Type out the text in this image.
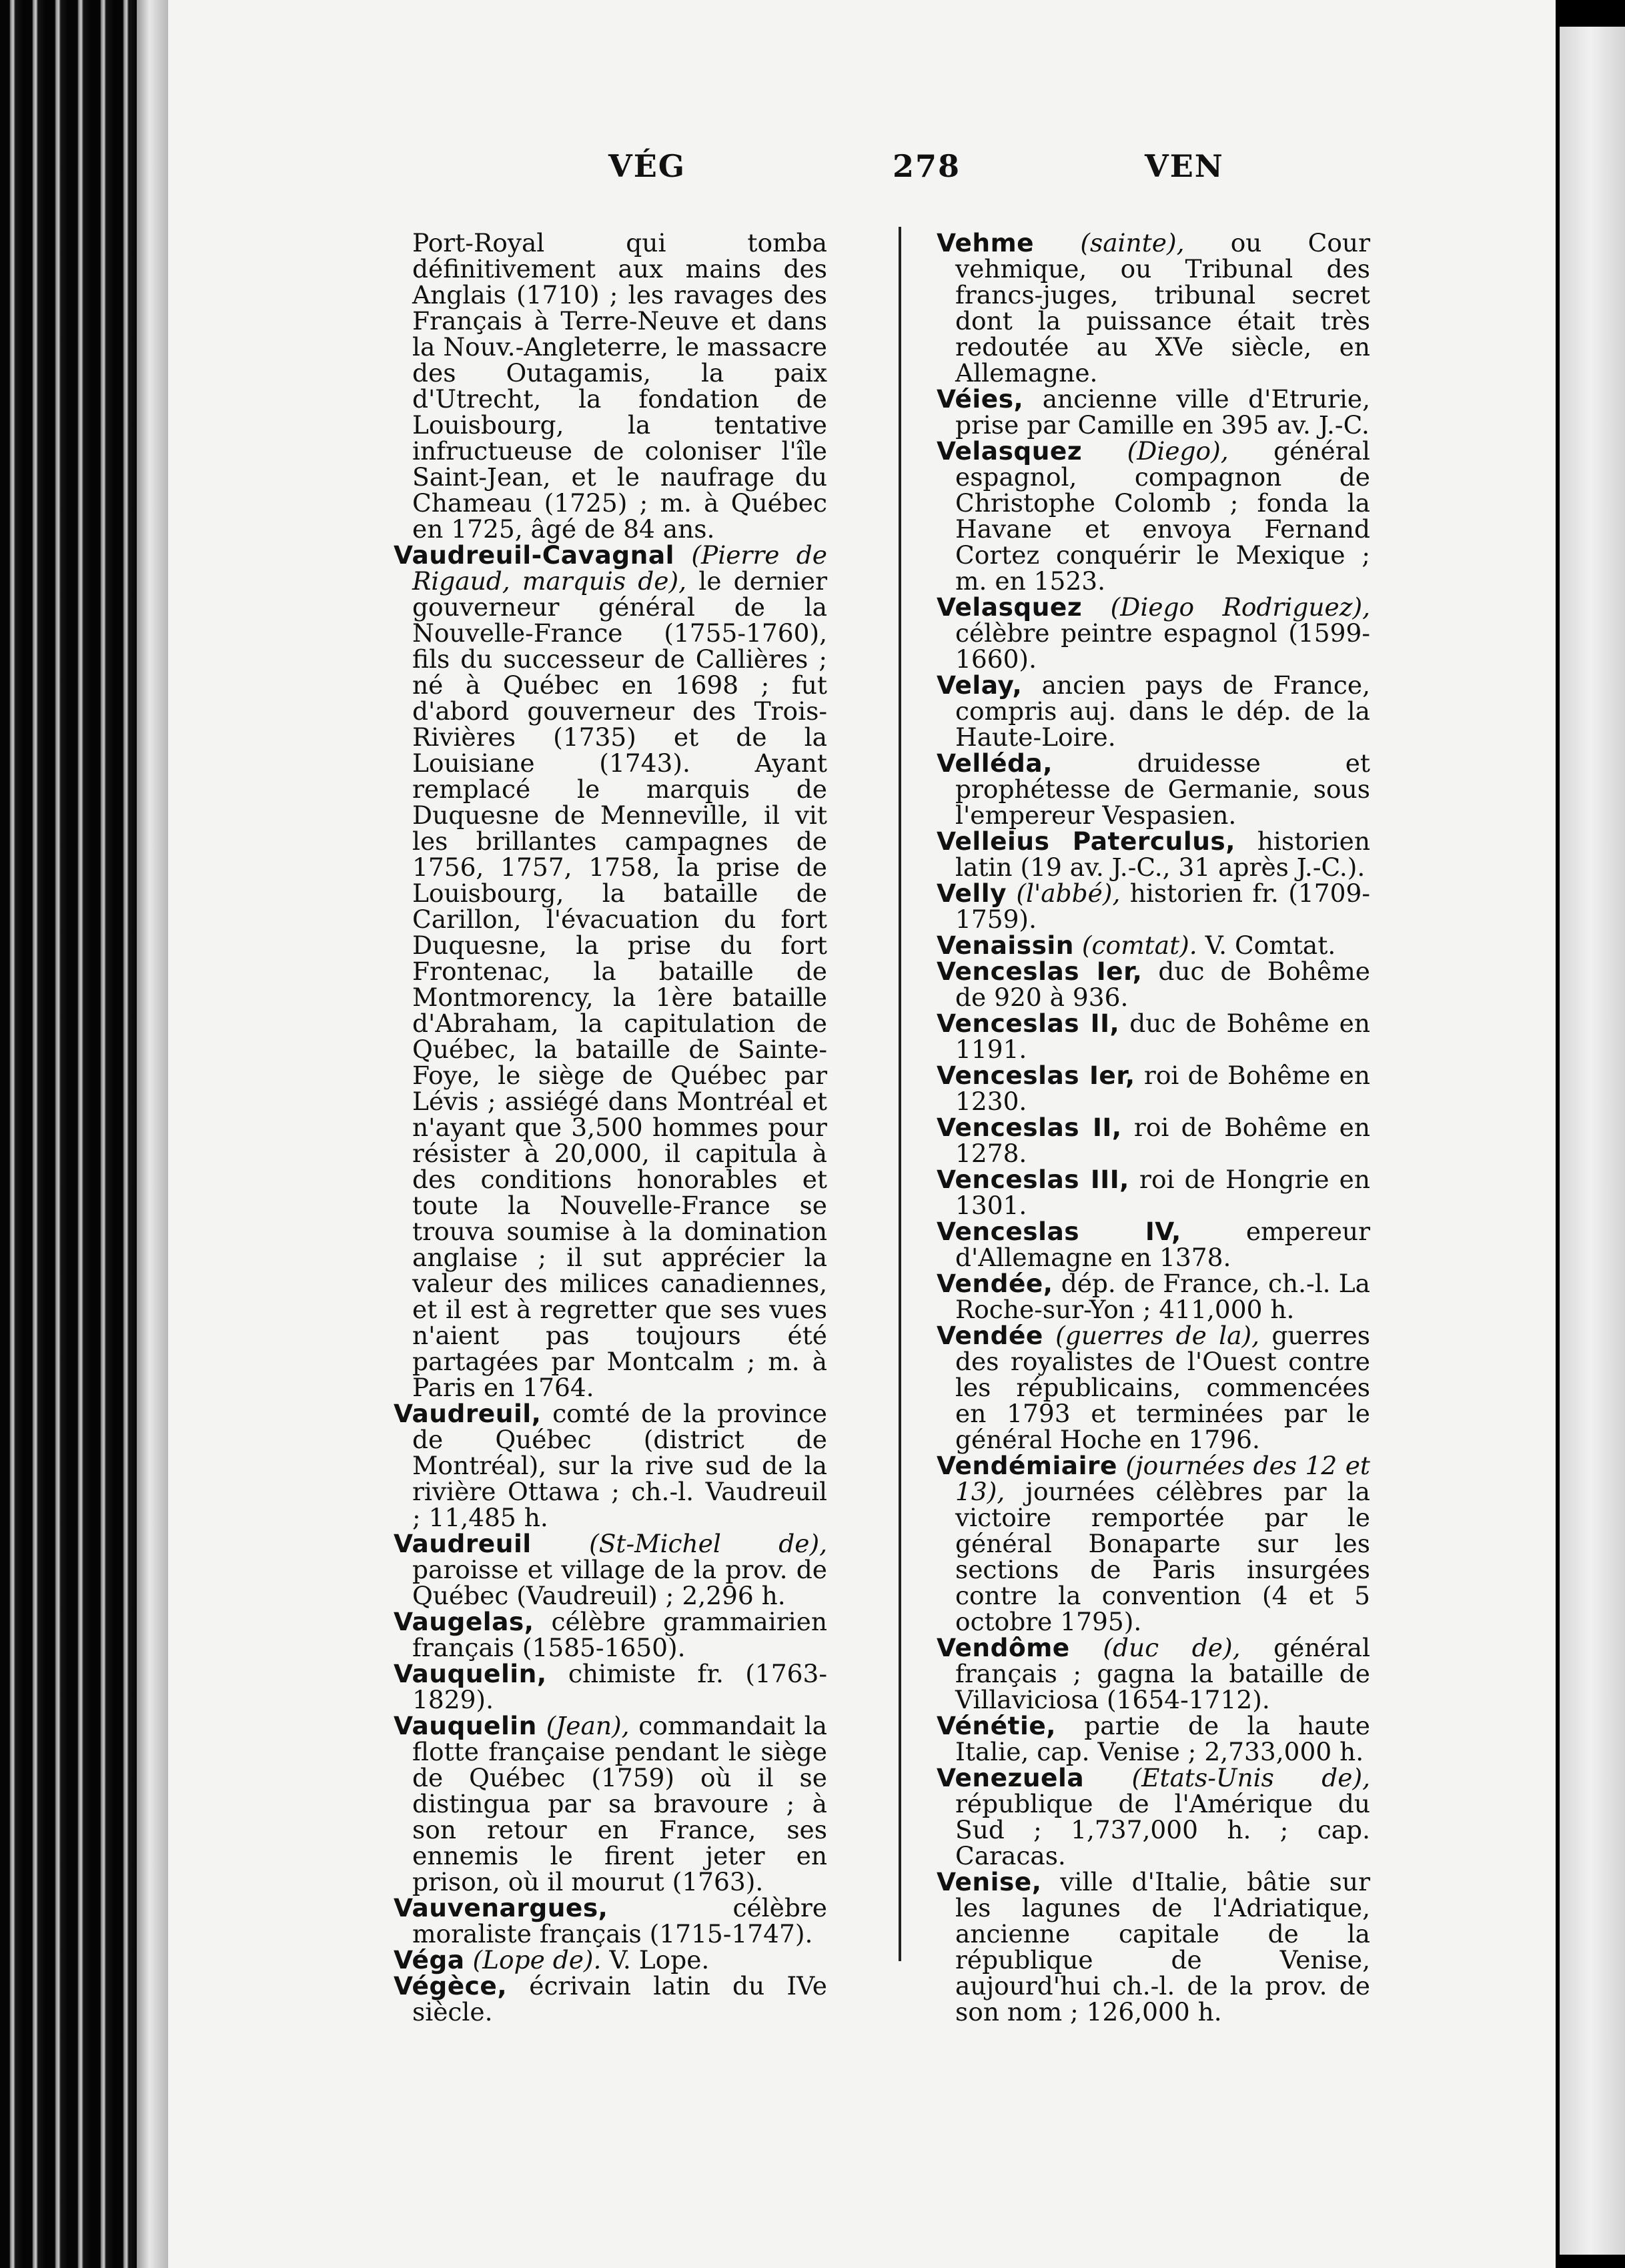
VÉG	278	VEN
Port-Royal qui tomba définitivement aux mains des Anglais (1710) ; les ravages des Français à Terre-Neuve et dans la Nouv.-Angleterre, le massacre des Outagamis, la paix d'Utrecht, la fondation de Louisbourg, la tentative infructueuse de coloniser l'île Saint-Jean, et le naufrage du Chameau (1725) ; m. à Québec en 1725, âgé de 84 ans.
Vaudreuil-Cavagnal (Pierre de Rigaud, marquis de), le dernier gouverneur général de la Nouvelle-France (1755-1760), fils du successeur de Callières ; né à Québec en 1698 ; fut d'abord gouverneur des Trois-Rivières (1735) et de la Louisiane (1743). Ayant remplacé le marquis de Duquesne de Menneville, il vit les brillantes campagnes de 1756, 1757, 1758, la prise de Louisbourg, la bataille de Carillon, l'évacuation du fort Duquesne, la prise du fort Frontenac, la bataille de Montmorency, la 1ère bataille d'Abraham, la capitulation de Québec, la bataille de Sainte-Foye, le siège de Québec par Lévis ; assiégé dans Montréal et n'ayant que 3,500 hommes pour résister à 20,000, il capitula à des conditions honorables et toute la Nouvelle-France se trouva soumise à la domination anglaise ; il sut apprécier la valeur des milices canadiennes, et il est à regretter que ses vues n'aient pas toujours été partagées par Montcalm ; m. à Paris en 1764.
Vaudreuil, comté de la province de Québec (district de Montréal), sur la rive sud de la rivière Ottawa ; ch.-l. Vaudreuil ; 11,485 h.
Vaudreuil (St-Michel de), paroisse et village de la prov. de Québec (Vaudreuil) ; 2,296 h.
Vaugelas, célèbre grammairien français (1585-1650).
Vauquelin, chimiste fr. (1763-1829).
Vauquelin (Jean), commandait la flotte française pendant le siège de Québec (1759) où il se distingua par sa bravoure ; à son retour en France, ses ennemis le firent jeter en prison, où il mourut (1763).
Vauvenargues,	célèbre moraliste français (1715-1747).
Véga (Lope de). V. Lope.
Végèce, écrivain latin du IVe siècle.
Vehme (sainte), ou Cour vehmique, ou Tribunal des francs-juges, tribunal secret dont la puissance était très redoutée au XVe siècle, en Allemagne.
Véies, ancienne ville d'Etrurie, prise par Camille en 395 av. J.-C.
Velasquez (Diego), général espagnol, compagnon de Christophe Colomb ; fonda la Havane et envoya Fernand Cortez conquérir le Mexique ; m. en 1523.
Velasquez (Diego Rodriguez), célèbre peintre espagnol (1599-1660).
Velay, ancien pays de France, compris auj. dans le dép. de la Haute-Loire.
Velléda,	druidesse et prophétesse de Germanie, sous l'empereur Vespasien.
Velleius Paterculus, historien latin (19 av. J.-C., 31 après J.-C.).
Velly (l'abbé), historien fr. (1709-1759).
Venaissin (comtat). V. Comtat.
Venceslas Ier, duc de Bohême de 920 à 936.
Venceslas II, duc de Bohême en 1191.
Venceslas Ier, roi de Bohême en 1230.
Venceslas II, roi de Bohême en 1278.
Venceslas III, roi de Hongrie en 1301.
Venceslas IV,	empereur d'Allemagne en 1378.
Vendée, dép. de France, ch.-l. La Roche-sur-Yon ; 411,000 h.
Vendée (guerres de la), guerres des royalistes de l'Ouest contre les républicains, commencées en 1793 et terminées par le général Hoche en 1796.
Vendémiaire (journées des 12 et 13), journées célèbres par la victoire remportée par le général Bonaparte sur les sections de Paris insurgées contre la convention (4 et 5 octobre 1795).
Vendôme (duc de), général français ; gagna la bataille de Villaviciosa (1654-1712).
Vénétie, partie de la haute Italie, cap. Venise ; 2,733,000 h.
Venezuela (Etats-Unis de), république de l'Amérique du Sud ; 1,737,000 h. ; cap. Caracas.
Venise, ville d'Italie, bâtie sur les lagunes de l'Adriatique, ancienne capitale de la république de Venise, aujourd'hui ch.-l. de la prov. de son nom ; 126,000 h.
